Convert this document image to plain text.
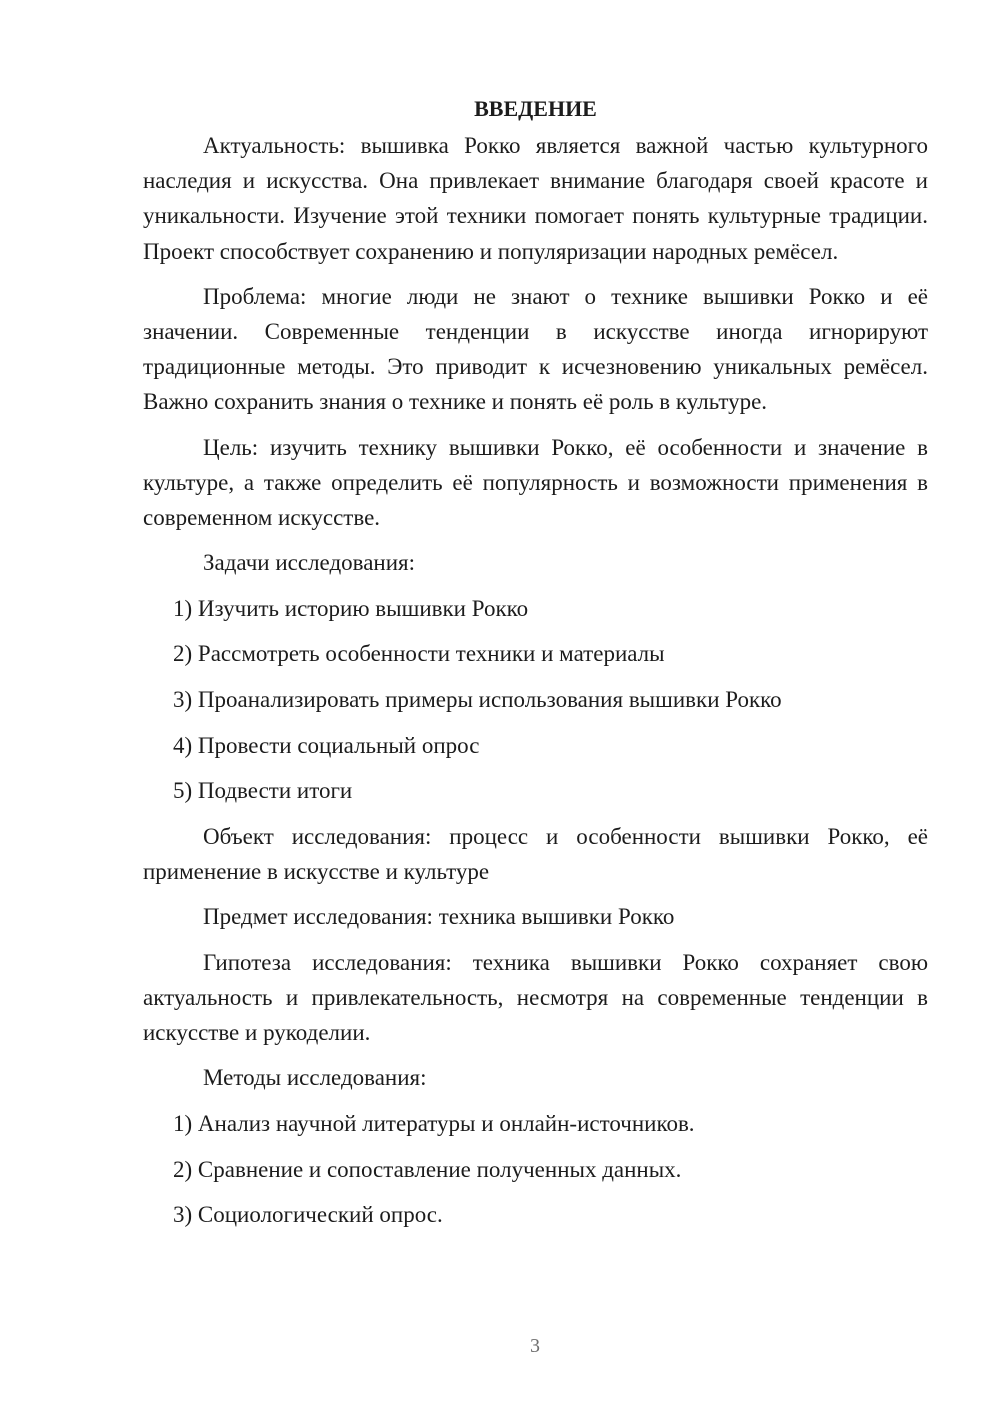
ВВЕДЕНИЕ

Актуальность: вышивка Рокко является важной частью культурного наследия и искусства. Она привлекает внимание благодаря своей красоте и уникальности. Изучение этой техники помогает понять культурные традиции. Проект способствует сохранению и популяризации народных ремёсел.

Проблема: многие люди не знают о технике вышивки Рокко и её значении. Современные тенденции в искусстве иногда игнорируют традиционные методы. Это приводит к исчезновению уникальных ремёсел. Важно сохранить знания о технике и понять её роль в культуре.

Цель: изучить технику вышивки Рокко, её особенности и значение в культуре, а также определить её популярность и возможности применения в современном искусстве.

Задачи исследования:

1) Изучить историю вышивки Рокко

2) Рассмотреть особенности техники и материалы

3) Проанализировать примеры использования вышивки Рокко

4) Провести социальный опрос

5) Подвести итоги

Объект исследования: процесс и особенности вышивки Рокко, её применение в искусстве и культуре

Предмет исследования: техника вышивки Рокко

Гипотеза исследования: техника вышивки Рокко сохраняет свою актуальность и привлекательность, несмотря на современные тенденции в искусстве и рукоделии.

Методы исследования:

1) Анализ научной литературы и онлайн-источников.

2) Сравнение и сопоставление полученных данных.

3) Социологический опрос.

3
